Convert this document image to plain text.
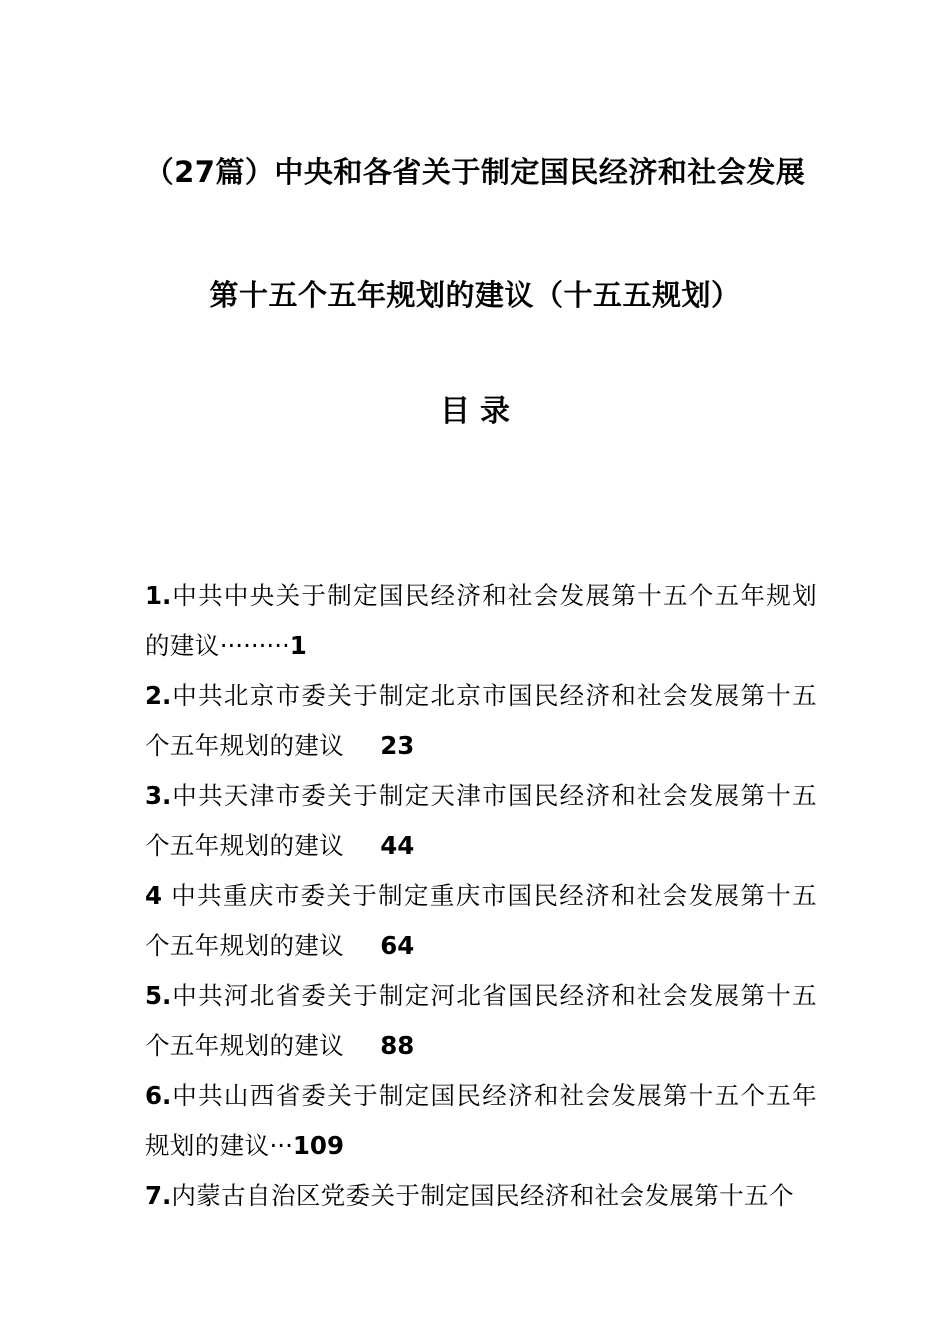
（27篇）中央和各省关于制定国民经济和社会发展
第十五个五年规划的建议（十五五规划）
目录
1.中共中央关于制定国民经济和社会发展第十五个五年规划的建议·········1
2.中共北京市委关于制定北京市国民经济和社会发展第十五个五年规划的建议 23
3.中共天津市委关于制定天津市国民经济和社会发展第十五个五年规划的建议 44
4 中共重庆市委关于制定重庆市国民经济和社会发展第十五个五年规划的建议 64
5.中共河北省委关于制定河北省国民经济和社会发展第十五个五年规划的建议 88
6.中共山西省委关于制定国民经济和社会发展第十五个五年规划的建议···109
7.内蒙古自治区党委关于制定国民经济和社会发展第十五个
